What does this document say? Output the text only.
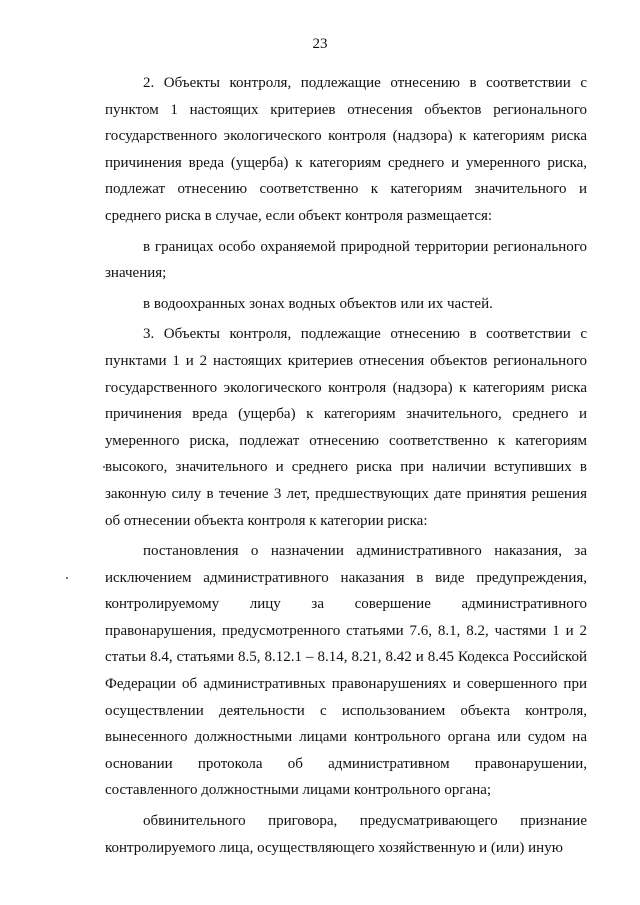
23

2. Объекты контроля, подлежащие отнесению в соответствии с пунктом 1 настоящих критериев отнесения объектов регионального государственного экологического контроля (надзора) к категориям риска причинения вреда (ущерба) к категориям среднего и умеренного риска, подлежат отнесению соответственно к категориям значительного и среднего риска в случае, если объект контроля размещается:

в границах особо охраняемой природной территории регионального значения;

в водоохранных зонах водных объектов или их частей.

3. Объекты контроля, подлежащие отнесению в соответствии с пунктами 1 и 2 настоящих критериев отнесения объектов регионального государственного экологического контроля (надзора) к категориям риска причинения вреда (ущерба) к категориям значительного, среднего и умеренного риска, подлежат отнесению соответственно к категориям высокого, значительного и среднего риска при наличии вступивших в законную силу в течение 3 лет, предшествующих дате принятия решения об отнесении объекта контроля к категории риска:

постановления о назначении административного наказания, за исключением административного наказания в виде предупреждения, контролируемому лицу за совершение административного правонарушения, предусмотренного статьями 7.6, 8.1, 8.2, частями 1 и 2 статьи 8.4, статьями 8.5, 8.12.1 – 8.14, 8.21, 8.42 и 8.45 Кодекса Российской Федерации об административных правонарушениях и совершенного при осуществлении деятельности с использованием объекта контроля, вынесенного должностными лицами контрольного органа или судом на основании протокола об административном правонарушении, составленного должностными лицами контрольного органа;

обвинительного приговора, предусматривающего признание контролируемого лица, осуществляющего хозяйственную и (или) иную
